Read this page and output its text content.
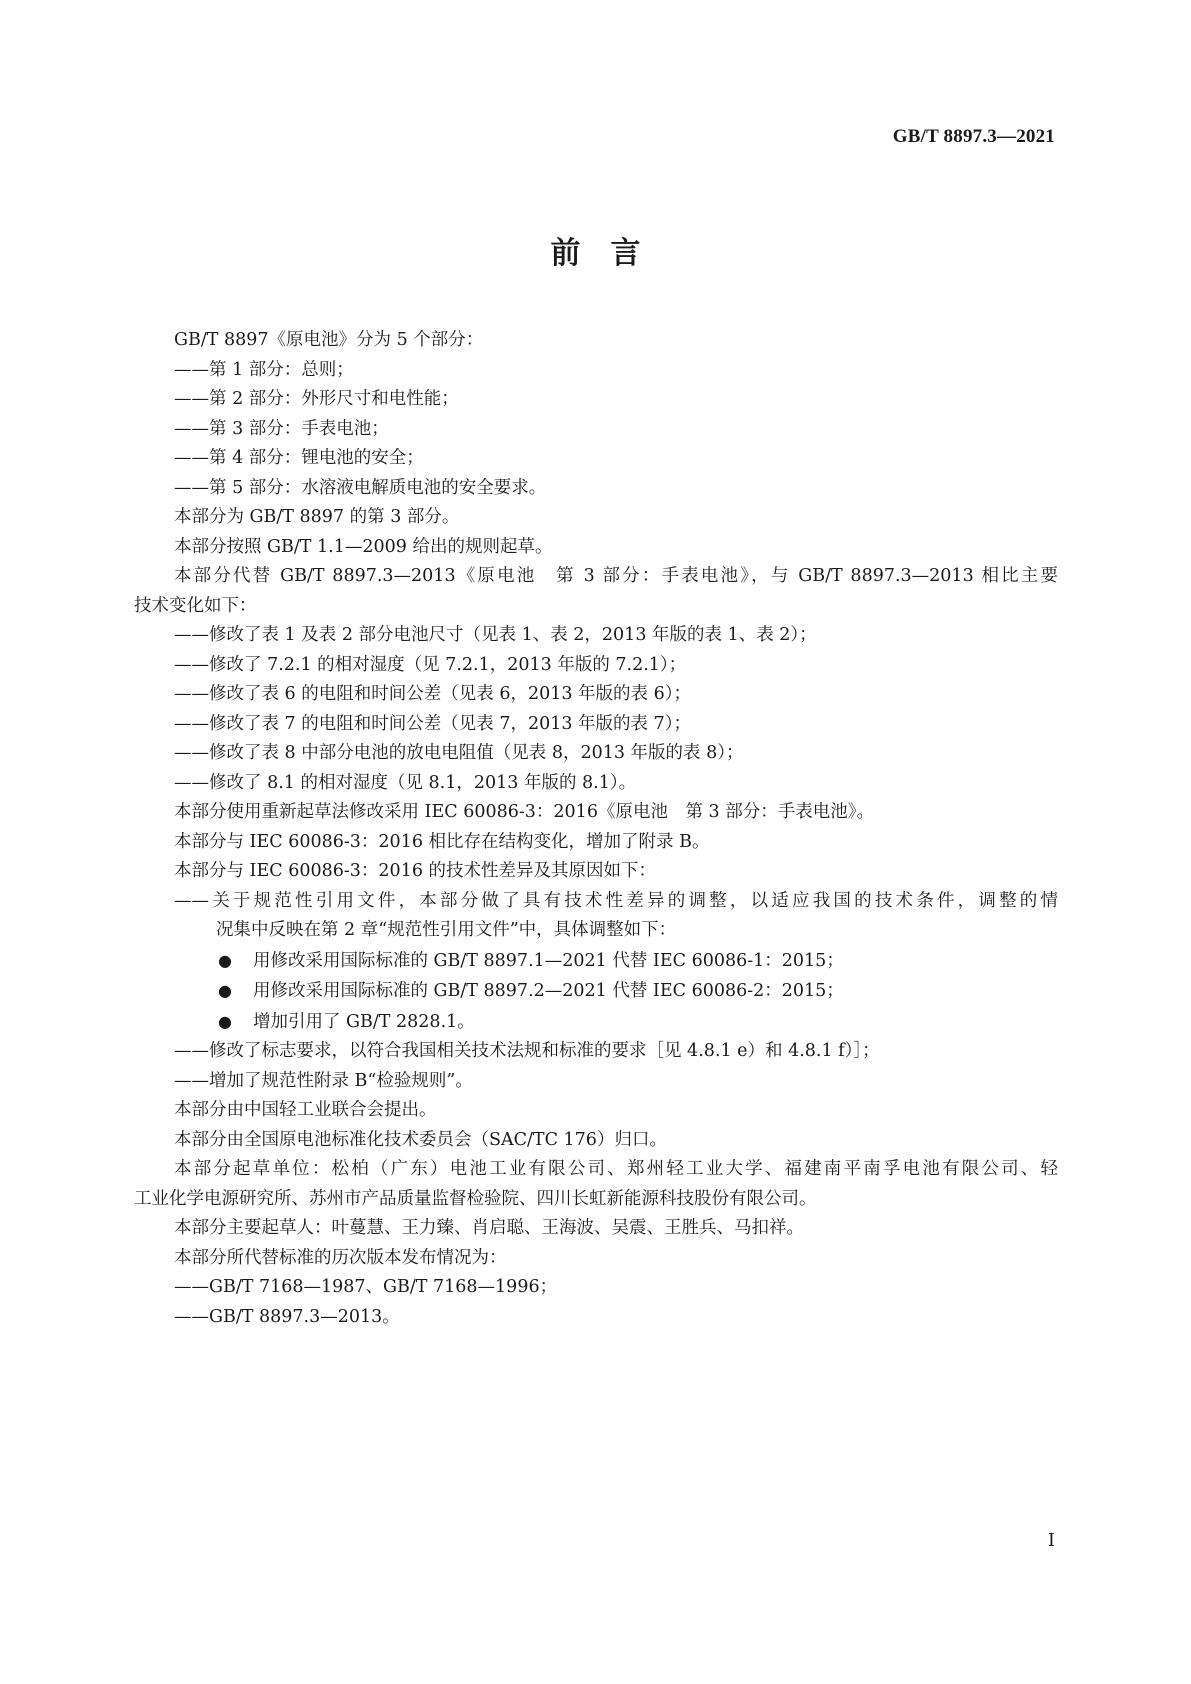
GB/T 8897.3—2021
前　言
GB/T 8897《原电池》分为 5 个部分：
——第 1 部分：总则；
——第 2 部分：外形尺寸和电性能；
——第 3 部分：手表电池；
——第 4 部分：锂电池的安全；
——第 5 部分：水溶液电解质电池的安全要求。
本部分为 GB/T 8897 的第 3 部分。
本部分按照 GB/T 1.1—2009 给出的规则起草。
本部分代替 GB/T 8897.3—2013《原电池　第 3 部分：手表电池》，与 GB/T 8897.3—2013 相比主要
技术变化如下：
——修改了表 1 及表 2 部分电池尺寸（见表 1、表 2，2013 年版的表 1、表 2）；
——修改了 7.2.1 的相对湿度（见 7.2.1，2013 年版的 7.2.1）；
——修改了表 6 的电阻和时间公差（见表 6，2013 年版的表 6）；
——修改了表 7 的电阻和时间公差（见表 7，2013 年版的表 7）；
——修改了表 8 中部分电池的放电电阻值（见表 8，2013 年版的表 8）；
——修改了 8.1 的相对湿度（见 8.1，2013 年版的 8.1）。
本部分使用重新起草法修改采用 IEC 60086-3：2016《原电池　第 3 部分：手表电池》。
本部分与 IEC 60086-3：2016 相比存在结构变化，增加了附录 B。
本部分与 IEC 60086-3：2016 的技术性差异及其原因如下：
——关于规范性引用文件，本部分做了具有技术性差异的调整，以适应我国的技术条件，调整的情
况集中反映在第 2 章“规范性引用文件”中，具体调整如下：
● 用修改采用国际标准的 GB/T 8897.1—2021 代替 IEC 60086-1：2015；
● 用修改采用国际标准的 GB/T 8897.2—2021 代替 IEC 60086-2：2015；
● 增加引用了 GB/T 2828.1。
——修改了标志要求，以符合我国相关技术法规和标准的要求［见 4.8.1 e）和 4.8.1 f）］；
——增加了规范性附录 B“检验规则”。
本部分由中国轻工业联合会提出。
本部分由全国原电池标准化技术委员会（SAC/TC 176）归口。
本部分起草单位：松柏（广东）电池工业有限公司、郑州轻工业大学、福建南平南孚电池有限公司、轻
工业化学电源研究所、苏州市产品质量监督检验院、四川长虹新能源科技股份有限公司。
本部分主要起草人：叶蔓慧、王力臻、肖启聪、王海波、吴震、王胜兵、马扣祥。
本部分所代替标准的历次版本发布情况为：
——GB/T 7168—1987、GB/T 7168—1996；
——GB/T 8897.3—2013。
I
